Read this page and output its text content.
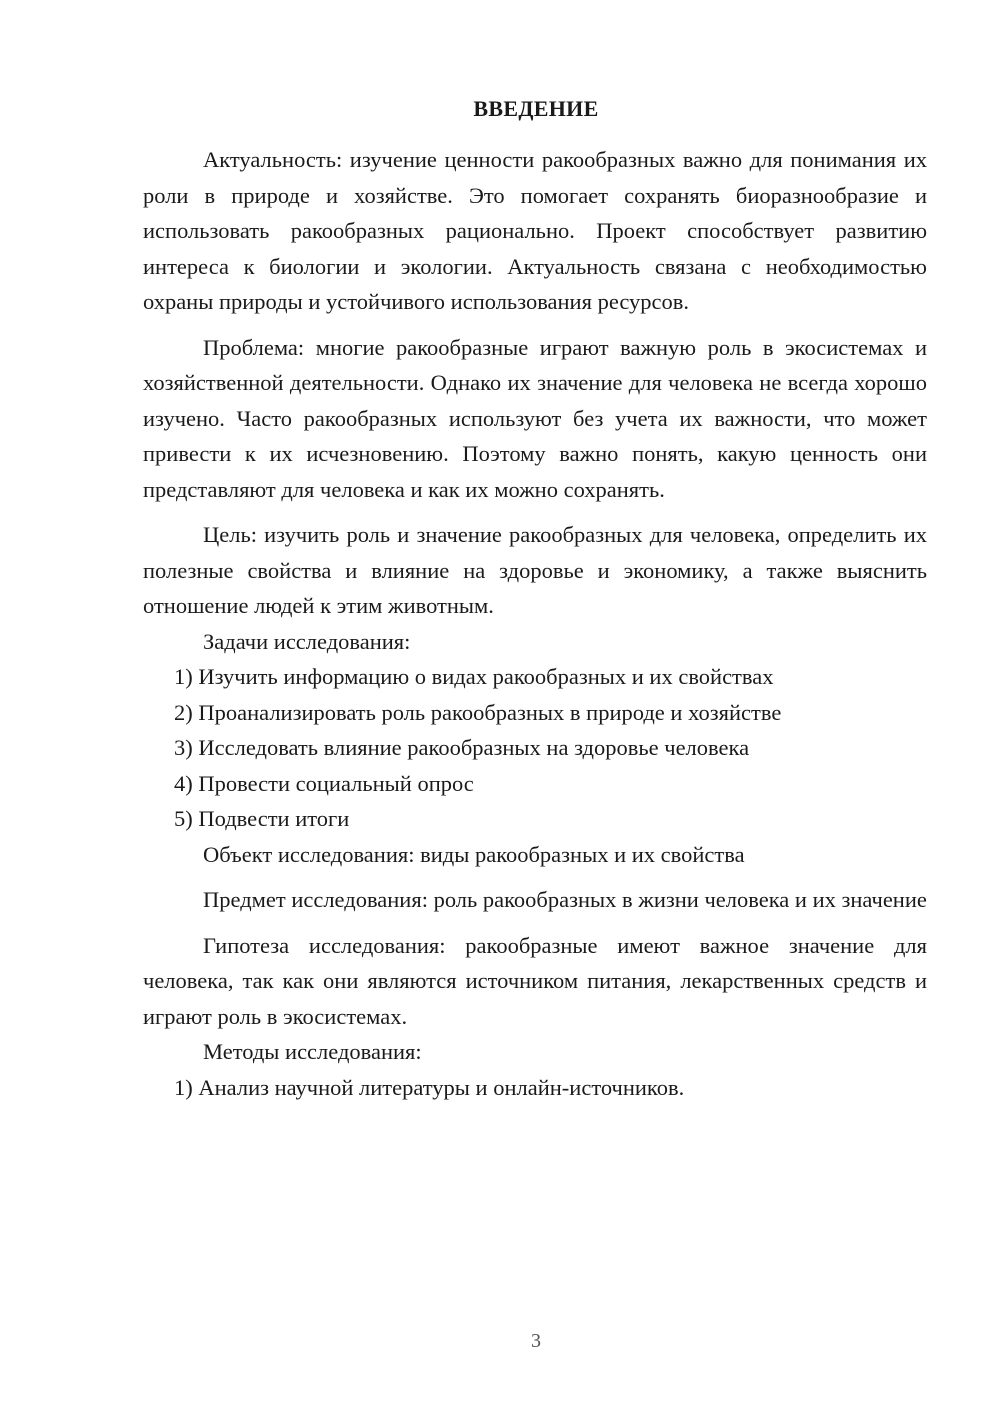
ВВЕДЕНИЕ

Актуальность: изучение ценности ракообразных важно для понимания их роли в природе и хозяйстве. Это помогает сохранять биоразнообразие и использовать ракообразных рационально. Проект способствует развитию интереса к биологии и экологии. Актуальность связана с необходимостью охраны природы и устойчивого использования ресурсов.

Проблема: многие ракообразные играют важную роль в экосистемах и хозяйственной деятельности. Однако их значение для человека не всегда хорошо изучено. Часто ракообразных используют без учета их важности, что может привести к их исчезновению. Поэтому важно понять, какую ценность они представляют для человека и как их можно сохранять.

Цель: изучить роль и значение ракообразных для человека, определить их полезные свойства и влияние на здоровье и экономику, а также выяснить отношение людей к этим животным.

Задачи исследования:

1) Изучить информацию о видах ракообразных и их свойствах

2) Проанализировать роль ракообразных в природе и хозяйстве

3) Исследовать влияние ракообразных на здоровье человека

4) Провести социальный опрос

5) Подвести итоги

Объект исследования: виды ракообразных и их свойства

Предмет исследования: роль ракообразных в жизни человека и их значение

Гипотеза исследования: ракообразные имеют важное значение для человека, так как они являются источником питания, лекарственных средств и играют роль в экосистемах.

Методы исследования:

1) Анализ научной литературы и онлайн-источников.

3
